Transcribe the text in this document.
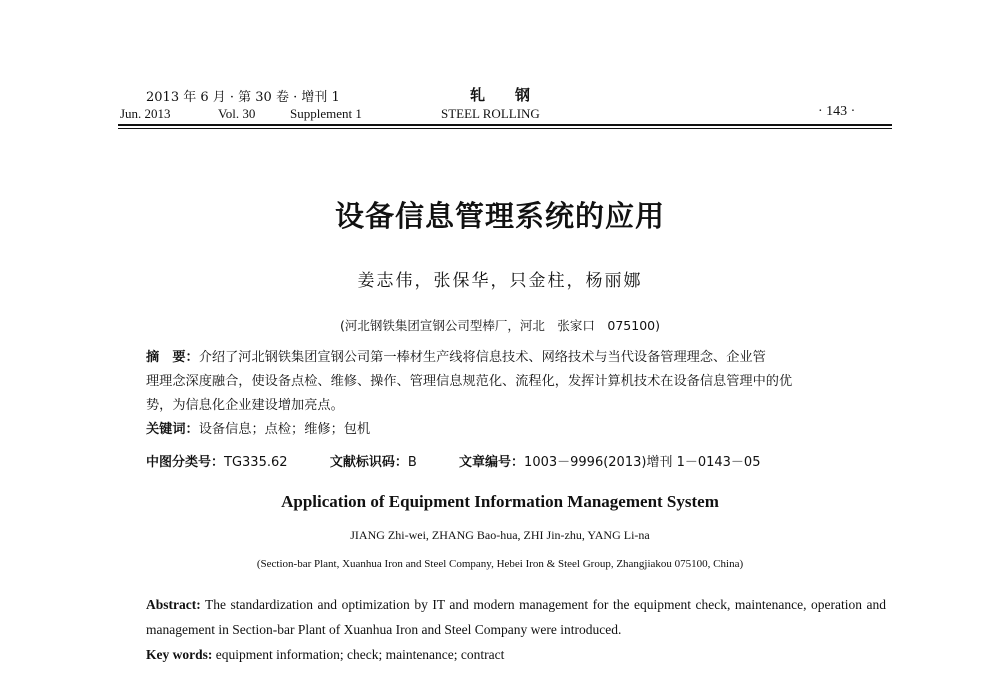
2013 年 6 月 · 第 30 卷 · 增刊 1	轧　　钢
Jun. 2013	Vol. 30	Supplement 1	STEEL ROLLING	· 143 ·
设备信息管理系统的应用
姜志伟，张保华，只金柱，杨丽娜
(河北钢铁集团宣钢公司型棒厂，河北　张家口　075100)
摘　要：介绍了河北钢铁集团宣钢公司第一棒材生产线将信息技术、网络技术与当代设备管理理念、企业管
理理念深度融合，使设备点检、维修、操作、管理信息规范化、流程化，发挥计算机技术在设备信息管理中的优
势，为信息化企业建设增加亮点。
关键词：设备信息；点检；维修；包机
中图分类号：TG335.62	文献标识码：B	文章编号：1003－9996(2013)增刊 1－0143－05
Application of Equipment Information Management System
JIANG Zhi-wei, ZHANG Bao-hua, ZHI Jin-zhu, YANG Li-na
(Section-bar Plant, Xuanhua Iron and Steel Company, Hebei Iron & Steel Group, Zhangjiakou 075100, China)
Abstract: The standardization and optimization by IT and modern management for the equipment check, maintenance, operation and management in Section-bar Plant of Xuanhua Iron and Steel Company were introduced.
Key words: equipment information; check; maintenance; contract
